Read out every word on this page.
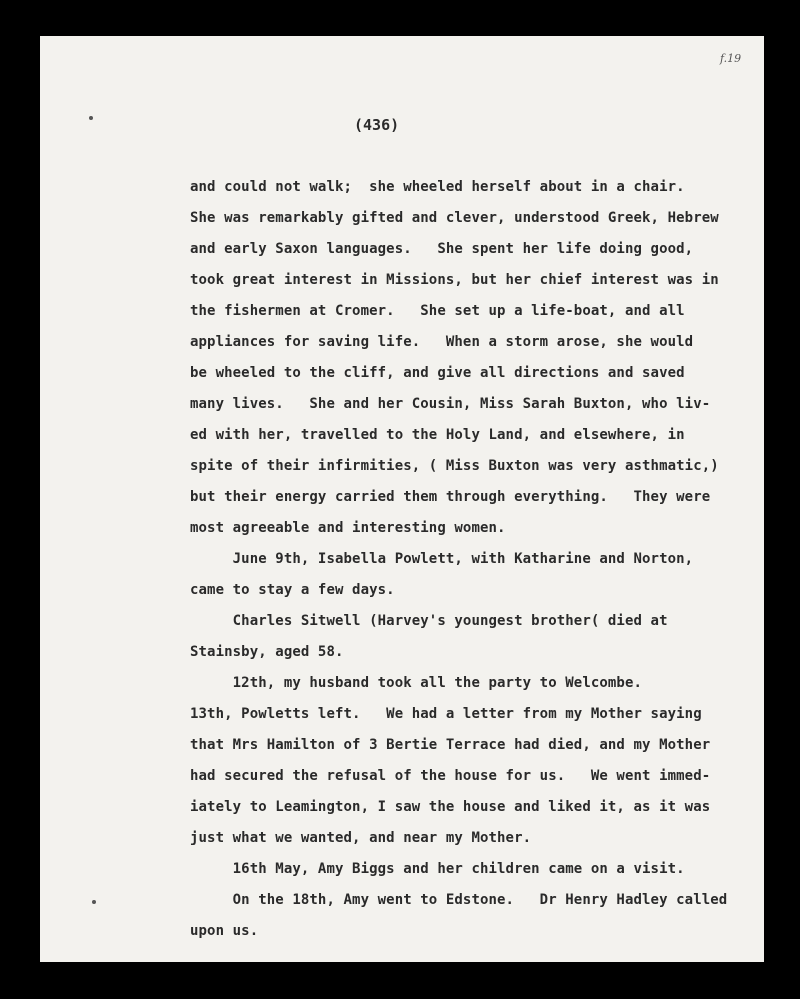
f.19
(436)
and could not walk;  she wheeled herself about in a chair.
She was remarkably gifted and clever, understood Greek, Hebrew
and early Saxon languages.   She spent her life doing good,
took great interest in Missions, but her chief interest was in
the fishermen at Cromer.   She set up a life-boat, and all
appliances for saving life.   When a storm arose, she would
be wheeled to the cliff, and give all directions and saved
many lives.   She and her Cousin, Miss Sarah Buxton, who liv-
ed with her, travelled to the Holy Land, and elsewhere, in
spite of their infirmities, ( Miss Buxton was very asthmatic,)
but their energy carried them through everything.   They were
most agreeable and interesting women.
June 9th, Isabella Powlett, with Katharine and Norton,
came to stay a few days.
Charles Sitwell (Harvey's youngest brother( died at
Stainsby, aged 58.
12th, my husband took all the party to Welcombe.
13th, Powletts left.   We had a letter from my Mother saying
that Mrs Hamilton of 3 Bertie Terrace had died, and my Mother
had secured the refusal of the house for us.   We went immed-
iately to Leamington, I saw the house and liked it, as it was
just what we wanted, and near my Mother.
16th May, Amy Biggs and her children came on a visit.
On the 18th, Amy went to Edstone.   Dr Henry Hadley called
upon us.
